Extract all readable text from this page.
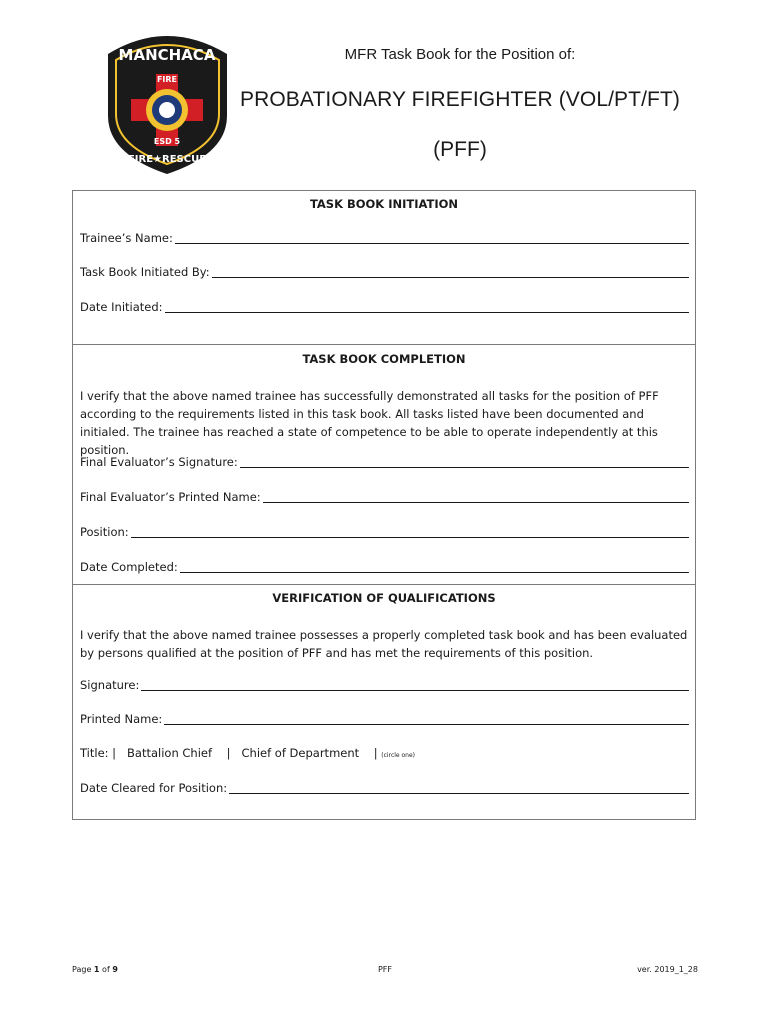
MANCHACA
FIRE
ESD 5
FIRE★RESCUE
MFR Task Book for the Position of:
PROBATIONARY FIREFIGHTER (VOL/PT/FT)
(PFF)
TASK BOOK INITIATION
Trainee’s Name:
Task Book Initiated By:
Date Initiated:
TASK BOOK COMPLETION
I verify that the above named trainee has successfully demonstrated all tasks for the position of PFF according to the requirements listed in this task book. All tasks listed have been documented and initialed. The trainee has reached a state of competence to be able to operate independently at this position.
Final Evaluator’s Signature:
Final Evaluator’s Printed Name:
Position:
Date Completed:
VERIFICATION OF QUALIFICATIONS
I verify that the above named trainee possesses a properly completed task book and has been evaluated by persons qualified at the position of PFF and has met the requirements of this position.
Signature:
Printed Name:
Title: | Battalion Chief | Chief of Department | (circle one)
Date Cleared for Position:
Page 1 of 9	PFF	ver. 2019_1_28
